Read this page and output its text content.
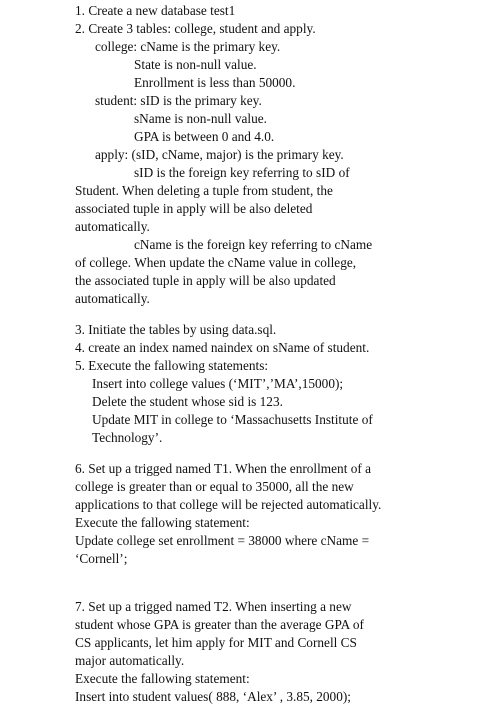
1. Create a new database test1
2. Create 3 tables: college, student and apply.
college: cName is the primary key.
State is non-null value.
Enrollment is less than 50000.
student: sID is the primary key.
sName is non-null value.
GPA is between 0 and 4.0.
apply: (sID, cName, major) is the primary key.
sID is the foreign key referring to sID of
Student. When deleting a tuple from student, the
associated tuple in apply will be also deleted
automatically.
cName is the foreign key referring to cName
of college. When update the cName value in college,
the associated tuple in apply will be also updated
automatically.
3. Initiate the tables by using data.sql.
4. create an index named naindex on sName of student.
5. Execute the fallowing statements:
Insert into college values (‘MIT’,’MA’,15000);
Delete the student whose sid is 123.
Update MIT in college to ‘Massachusetts Institute of
Technology’.
6. Set up a trigged named T1. When the enrollment of a
college is greater than or equal to 35000, all the new
applications to that college will be rejected automatically.
Execute the fallowing statement:
Update college set enrollment = 38000 where cName =
‘Cornell’;
7. Set up a trigged named T2. When inserting a new
student whose GPA is greater than the average GPA of
CS applicants, let him apply for MIT and Cornell CS
major automatically.
Execute the fallowing statement:
Insert into student values( 888, ‘Alex’ , 3.85, 2000);
